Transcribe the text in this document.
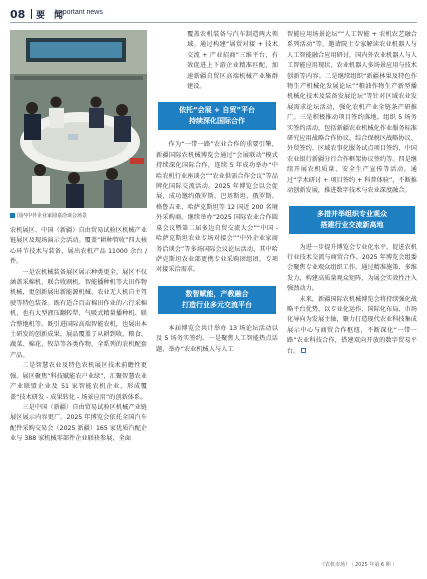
08 要　闻
Important news
国内中外企业家圆桌洽谈会场景

农机展区、中国（新疆）自由贸易试验区机械产业链展区及现场演示会活动。覆盖“耕种管收”四大核心环节技术与装备，展出农机产品 11000 余台 / 件。

一是农机械装备展区展示种类更全。展区不仅涵盖采棉机、联合收割机、智能播种机等大田作物机械，更创新展出新能源机械、农业无人机自主驾驶等特色装备。既有适合百亩棉田作业的六行采棉机，也有大型液压翻转犁、气吸式精量播种机、联合整地机等。既引进国际高端智能农机，也展出本土研发的创新成果。展品覆盖了从耕到收，粮食、蔬菜、棉花、牧草等各类作物，全系列的农机配套产品。

二是智慧农业及特色农机展区技术前瞻性更强。展区聚焦“科技赋能农户业绿”，汇聚智慧农业产业联盟企业及 51 家智能农机企业，形成覆盖“技术研发 - 成果转化 - 场景应用”的创新体系。

三是中国（新疆）自由贸易试验区机械产业链展区展示内容更广。2025 年博览会依托全国汽车配件采购交易会（2025 新疆）165 家优质汽配企业与 388 家机械零部件企业联袂参展，全面

覆盖农机装备与汽车制造两大领域。通过构建“展贸对接 + 技术交流 + 产业招商”三维平台，有效促进上下游企业精准匹配，加速新疆自贸区高端机械产业集群建设。

依托“会展 + 自贸”平台
持续深化国际合作

作为“一带一路”农业合作的重要引擎，新疆国际农机械博览会通过“会展联动”模式持续深化国际合作，连续 5 年成功举办“中哈农机行业座谈会”“农业供需合作会议”等品牌化国际交流活动。2025 年博览会以会促展，成功邀约俄罗斯、巴基斯坦、俄罗斯、格鲁吉亚、哈萨克斯坦等 12 国近 200 名境外采购商。继续举办“2025 国际农业合作圆桌会议暨第二届多边自贸交流大会”“中国 - 哈萨克斯坦农业专场对接会”“中外企业家商务洽谈会”等多场国际会议论坛活动，其中哈萨克斯坦农业部更携专业采购团组团，专项对接采洽需求。

数智赋能，产教融合
打造行业多元交流平台

本届博览会共计举办 13 场论坛活动以及 5 场务实签约。一是聚焦人工智能热点话题，举办“农业机械人与人工

智能应用场景论坛”“人工智能 + 农机农艺融合系列活动”等，邀请院士专家解读农业机器人与人工智能融合应用研讨，国内外农业机器人与人工智能应用现状、农业机器人多场景应用与技术创新等内容。二是继续组织“新疆林果及特色作物生产机械化发展论坛”“粮油作物生产新型播机械化技术及装备发展论坛”等针对区域农业发展需求论坛活动，强化农机产业全链条产研推广。三是积极推动项目签约落地。组织 5 场务实签约活动，包括新疆农业机械化作业服务标准研究应用战略合作协议、综合保税区战略协议、外贸签约、区域农事化服务试点项目签约、中国农业银行新疆分行合作框架协议签约等。四是继续开展农机质量、安全生产宣传等活动。通过“学术研讨 + 项目签约 + 科普体验”，不断推动创新发展，推进数字技术与农业深度融合。

多措并举组织专业观众
搭建行业交流新高地

为进一步提升博览会专业化水平，促进农机行业技术交流与商贸合作。2025 年博览会组委会聚焦专业观众组织工作。通过精准施策、多维发力，构建高质量观众矩阵，为展会实效性注入强劲动力。

未来，新疆国际农机械博览会将持续强化战略平台优势，以专业化运作、国际化布局、市场化导向为发展主轴，聚力打造现代农业科技集成展示中心与商贸合作枢纽，不断深化“一带一路”农业科技合作，搭建双向开放的数字贸易平台。

《农机市场》｜2025 年第 6 期｜
